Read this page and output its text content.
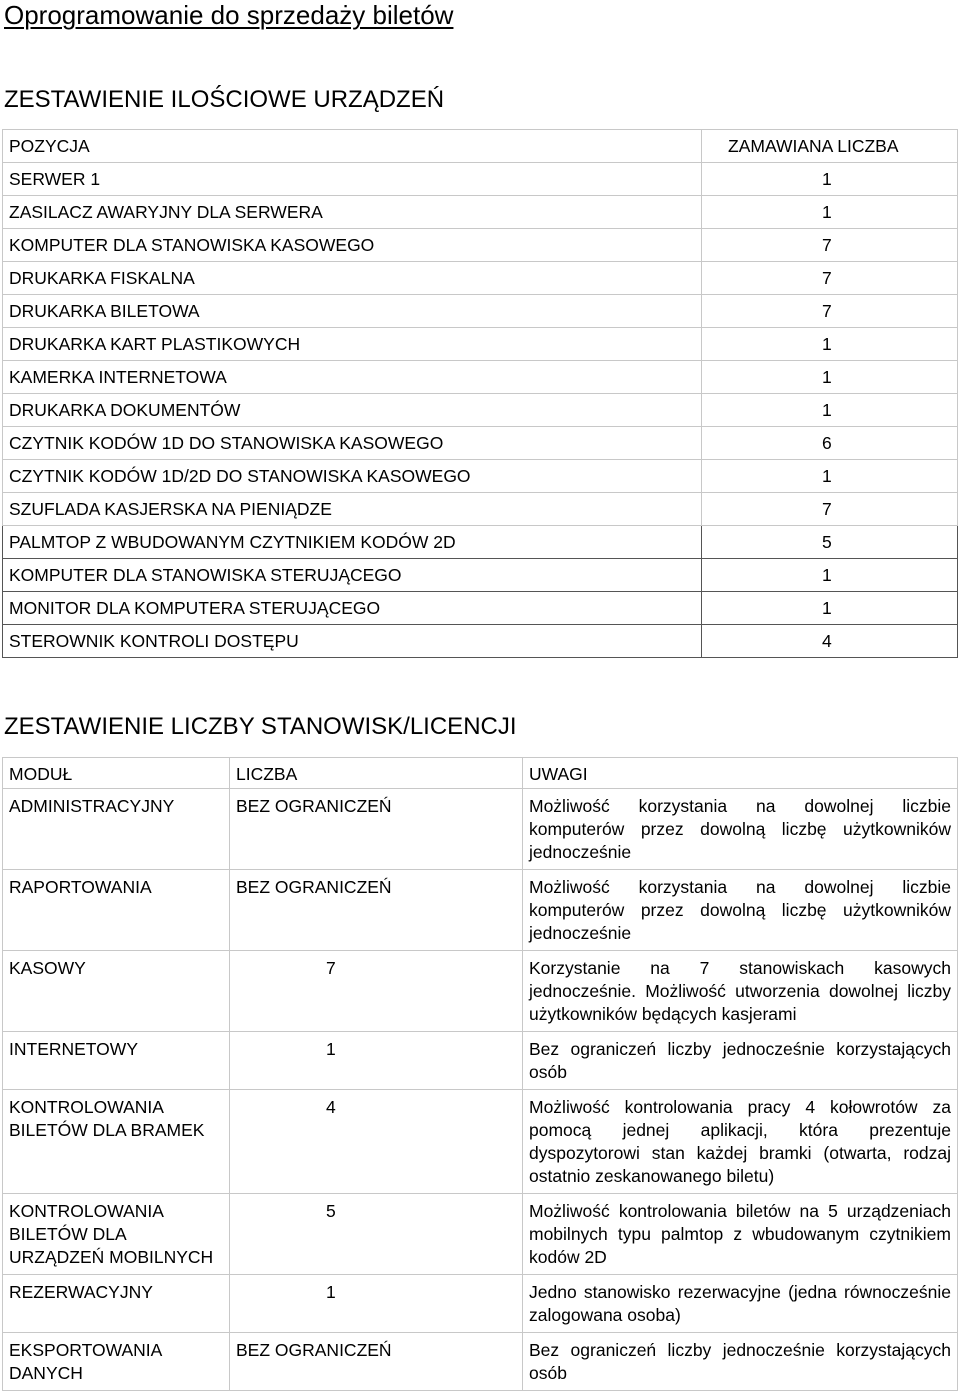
Oprogramowanie do sprzedaży biletów
ZESTAWIENIE ILOŚCIOWE URZĄDZEŃ
POZYCJA	ZAMAWIANA LICZBA
SERWER 1	1
ZASILACZ AWARYJNY DLA SERWERA	1
KOMPUTER DLA STANOWISKA KASOWEGO	7
DRUKARKA FISKALNA	7
DRUKARKA BILETOWA	7
DRUKARKA KART PLASTIKOWYCH	1
KAMERKA INTERNETOWA	1
DRUKARKA DOKUMENTÓW	1
CZYTNIK KODÓW 1D DO STANOWISKA KASOWEGO	6
CZYTNIK KODÓW 1D/2D DO STANOWISKA KASOWEGO	1
SZUFLADA KASJERSKA NA PIENIĄDZE	7
PALMTOP Z WBUDOWANYM CZYTNIKIEM KODÓW 2D	5
KOMPUTER DLA STANOWISKA STERUJĄCEGO	1
MONITOR DLA KOMPUTERA STERUJĄCEGO	1
STEROWNIK KONTROLI DOSTĘPU	4
ZESTAWIENIE LICZBY STANOWISK/LICENCJI
MODUŁ	LICZBA	UWAGI
ADMINISTRACYJNY	BEZ OGRANICZEŃ	Możliwość korzystania na dowolnej liczbie komputerów przez dowolną liczbę użytkowników jednocześnie
RAPORTOWANIA	BEZ OGRANICZEŃ	Możliwość korzystania na dowolnej liczbie komputerów przez dowolną liczbę użytkowników jednocześnie
KASOWY	7	Korzystanie na 7 stanowiskach kasowych jednocześnie. Możliwość utworzenia dowolnej liczby użytkowników będących kasjerami
INTERNETOWY	1	Bez ograniczeń liczby jednocześnie korzystających osób
KONTROLOWANIA BILETÓW DLA BRAMEK	4	Możliwość kontrolowania pracy 4 kołowrotów za pomocą jednej aplikacji, która prezentuje dyspozytorowi stan każdej bramki (otwarta, rodzaj ostatnio zeskanowanego biletu)
KONTROLOWANIA BILETÓW DLA URZĄDZEŃ MOBILNYCH	5	Możliwość kontrolowania biletów na 5 urządzeniach mobilnych typu palmtop z wbudowanym czytnikiem kodów 2D
REZERWACYJNY	1	Jedno stanowisko rezerwacyjne (jedna równocześnie zalogowana osoba)
EKSPORTOWANIA DANYCH	BEZ OGRANICZEŃ	Bez ograniczeń liczby jednocześnie korzystających osób
